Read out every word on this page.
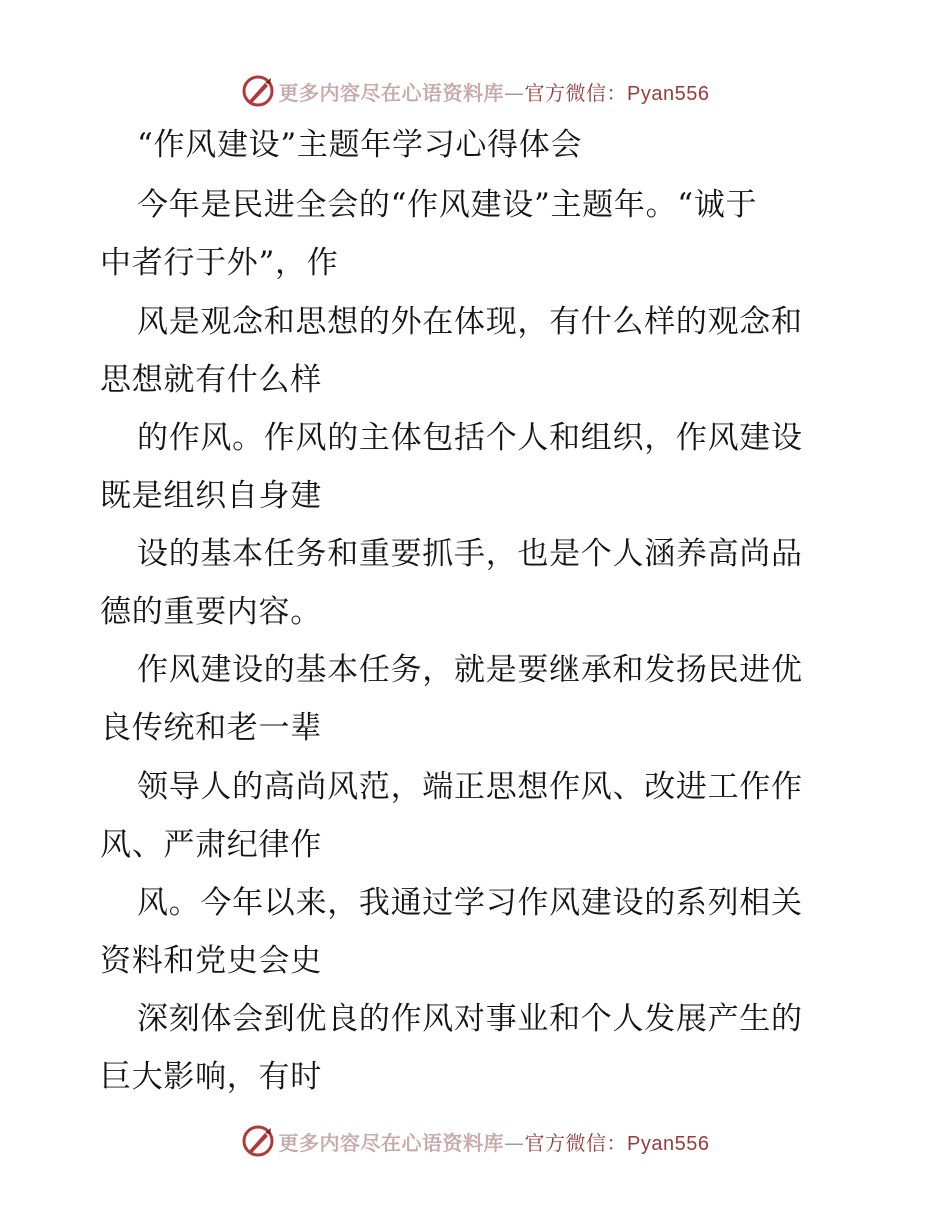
更多内容尽在心语资料库—官方微信：Pyan556
“作风建设”主题年学习心得体会
今年是民进全会的“作风建设”主题年。“诚于
中者行于外”，作
风是观念和思想的外在体现，有什么样的观念和
思想就有什么样
的作风。作风的主体包括个人和组织，作风建设
既是组织自身建
设的基本任务和重要抓手，也是个人涵养高尚品
德的重要内容。
作风建设的基本任务，就是要继承和发扬民进优
良传统和老一辈
领导人的高尚风范，端正思想作风、改进工作作
风、严肃纪律作
风。今年以来，我通过学习作风建设的系列相关
资料和党史会史
深刻体会到优良的作风对事业和个人发展产生的
巨大影响，有时
更多内容尽在心语资料库—官方微信：Pyan556
